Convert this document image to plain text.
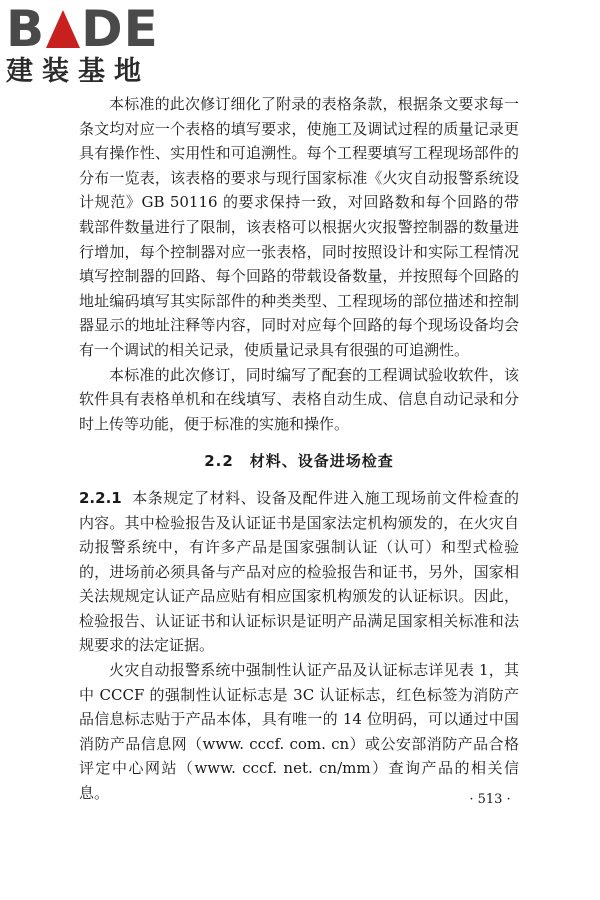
B DE
建装基地

本标准的此次修订细化了附录的表格条款，根据条文要求每一条文均对应一个表格的填写要求，使施工及调试过程的质量记录更具有操作性、实用性和可追溯性。每个工程要填写工程现场部件的分布一览表，该表格的要求与现行国家标准《火灾自动报警系统设计规范》GB 50116 的要求保持一致，对回路数和每个回路的带载部件数量进行了限制，该表格可以根据火灾报警控制器的数量进行增加，每个控制器对应一张表格，同时按照设计和实际工程情况填写控制器的回路、每个回路的带载设备数量，并按照每个回路的地址编码填写其实际部件的种类类型、工程现场的部位描述和控制器显示的地址注释等内容，同时对应每个回路的每个现场设备均会有一个调试的相关记录，使质量记录具有很强的可追溯性。

本标准的此次修订，同时编写了配套的工程调试验收软件，该软件具有表格单机和在线填写、表格自动生成、信息自动记录和分时上传等功能，便于标准的实施和操作。

2.2　材料、设备进场检查

2.2.1 本条规定了材料、设备及配件进入施工现场前文件检查的内容。其中检验报告及认证证书是国家法定机构颁发的，在火灾自动报警系统中，有许多产品是国家强制认证（认可）和型式检验的，进场前必须具备与产品对应的检验报告和证书，另外，国家相关法规规定认证产品应贴有相应国家机构颁发的认证标识。因此，检验报告、认证证书和认证标识是证明产品满足国家相关标准和法规要求的法定证据。

火灾自动报警系统中强制性认证产品及认证标志详见表 1，其中 CCCF 的强制性认证标志是 3C 认证标志，红色标签为消防产品信息标志贴于产品本体，具有唯一的 14 位明码，可以通过中国消防产品信息网（www. cccf. com. cn）或公安部消防产品合格评定中心网站（www. cccf. net. cn/mm）查询产品的相关信息。	· 513 ·
